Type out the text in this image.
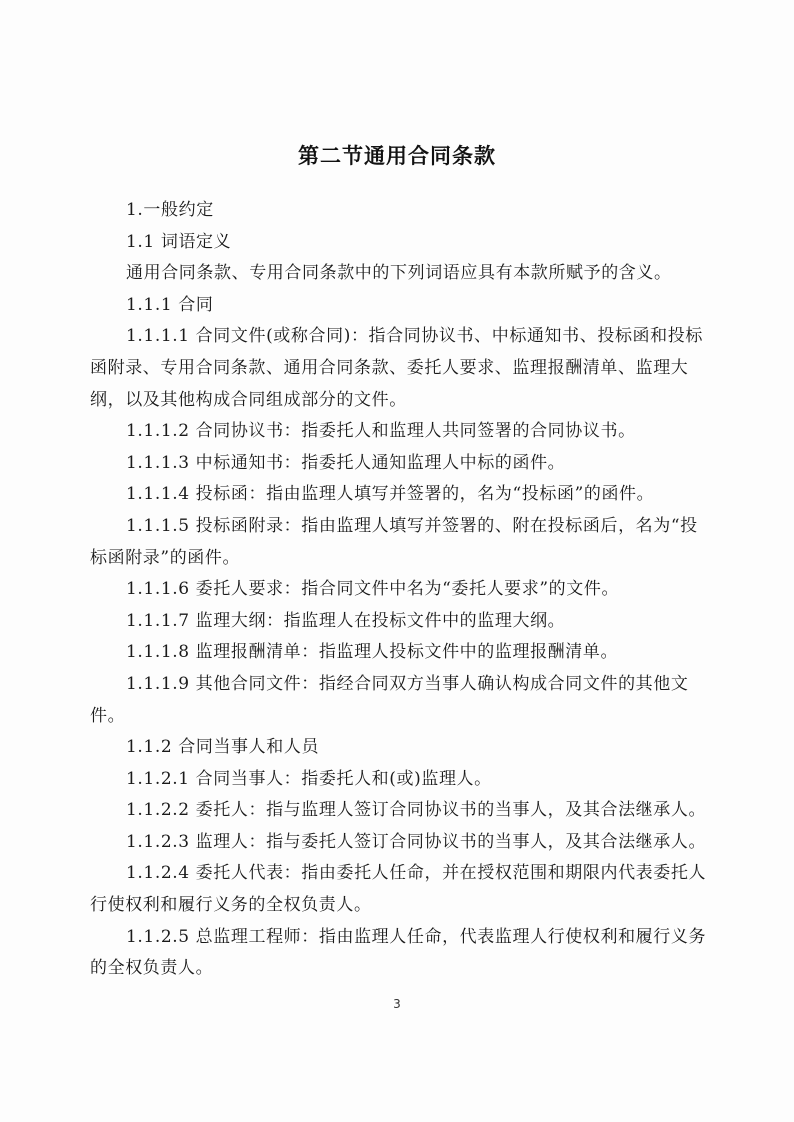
第二节通用合同条款

1.一般约定

1.1 词语定义

通用合同条款、专用合同条款中的下列词语应具有本款所赋予的含义。

1.1.1 合同

1.1.1.1 合同文件(或称合同)：指合同协议书、中标通知书、投标函和投标函附录、专用合同条款、通用合同条款、委托人要求、监理报酬清单、监理大纲，以及其他构成合同组成部分的文件。

1.1.1.2 合同协议书：指委托人和监理人共同签署的合同协议书。

1.1.1.3 中标通知书：指委托人通知监理人中标的函件。

1.1.1.4 投标函：指由监理人填写并签署的，名为“投标函”的函件。

1.1.1.5 投标函附录：指由监理人填写并签署的、附在投标函后，名为“投标函附录”的函件。

1.1.1.6 委托人要求：指合同文件中名为“委托人要求”的文件。

1.1.1.7 监理大纲：指监理人在投标文件中的监理大纲。

1.1.1.8 监理报酬清单：指监理人投标文件中的监理报酬清单。

1.1.1.9 其他合同文件：指经合同双方当事人确认构成合同文件的其他文件。

1.1.2 合同当事人和人员

1.1.2.1 合同当事人：指委托人和(或)监理人。

1.1.2.2 委托人：指与监理人签订合同协议书的当事人，及其合法继承人。

1.1.2.3 监理人：指与委托人签订合同协议书的当事人，及其合法继承人。

1.1.2.4 委托人代表：指由委托人任命，并在授权范围和期限内代表委托人行使权利和履行义务的全权负责人。

1.1.2.5 总监理工程师：指由监理人任命，代表监理人行使权利和履行义务的全权负责人。

3
